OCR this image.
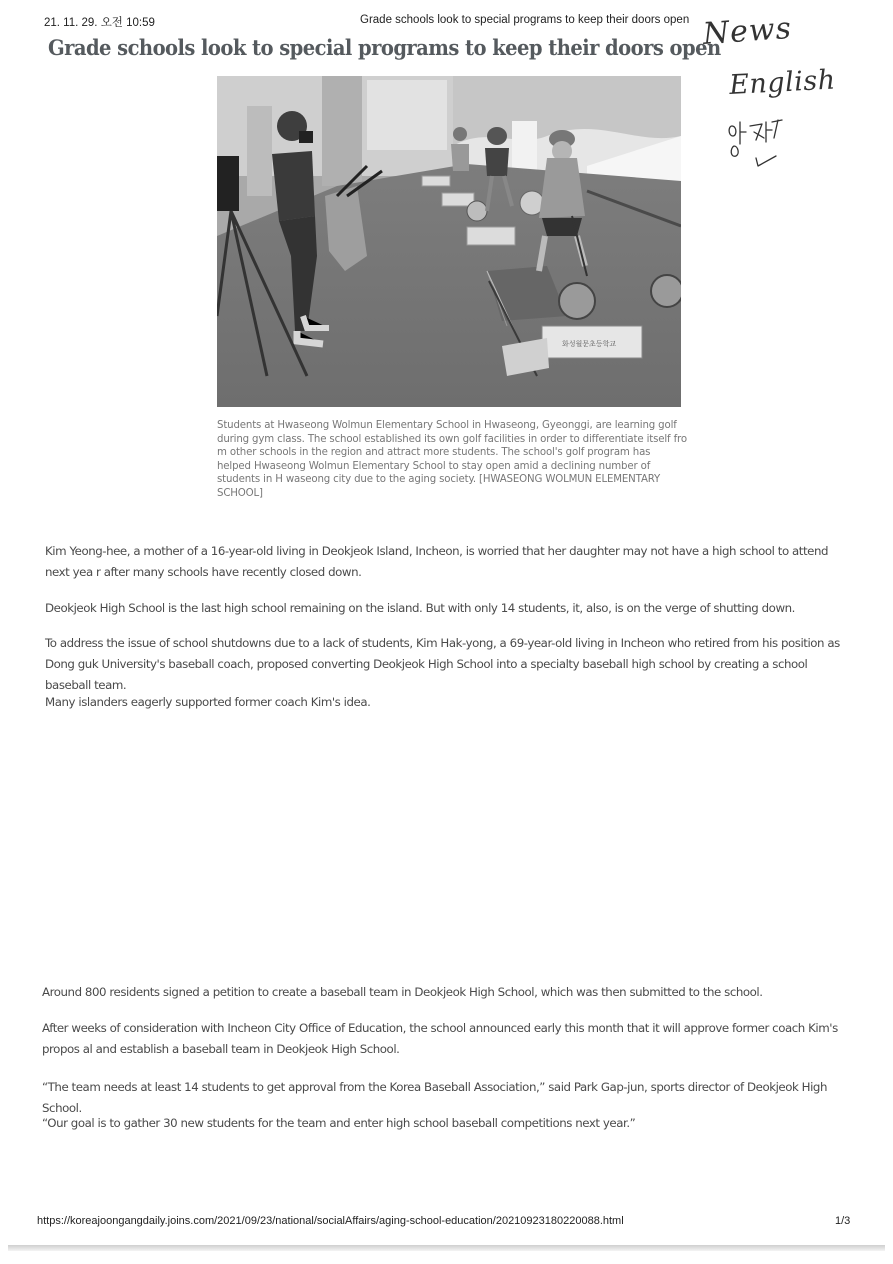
21. 11. 29. 오전 10:59	Grade schools look to special programs to keep their doors open
Grade schools look to special programs to keep their doors open
News
English
화성월문초등학교
Students at Hwaseong Wolmun Elementary School in Hwaseong, Gyeonggi, are learning golf during gym class. The school established its own golf facilities in order to differentiate itself fro m other schools in the region and attract more students. The school's golf program has helped Hwaseong Wolmun Elementary School to stay open amid a declining number of students in H waseong city due to the aging society. [HWASEONG WOLMUN ELEMENTARY SCHOOL]

Kim Yeong-hee, a mother of a 16-year-old living in Deokjeok Island, Incheon, is worried that her daughter may not have a high school to attend next yea r after many schools have recently closed down.

Deokjeok High School is the last high school remaining on the island. But with only 14 students, it, also, is on the verge of shutting down.

To address the issue of school shutdowns due to a lack of students, Kim Hak-yong, a 69-year-old living in Incheon who retired from his position as Dong guk University's baseball coach, proposed converting Deokjeok High School into a specialty baseball high school by creating a school baseball team.

Many islanders eagerly supported former coach Kim's idea.

Around 800 residents signed a petition to create a baseball team in Deokjeok High School, which was then submitted to the school.

After weeks of consideration with Incheon City Office of Education, the school announced early this month that it will approve former coach Kim's propos al and establish a baseball team in Deokjeok High School.

“The team needs at least 14 students to get approval from the Korea Baseball Association,” said Park Gap-jun, sports director of Deokjeok High School.

“Our goal is to gather 30 new students for the team and enter high school baseball competitions next year.”

https://koreajoongangdaily.joins.com/2021/09/23/national/socialAffairs/aging-school-education/20210923180220088.html	1/3
